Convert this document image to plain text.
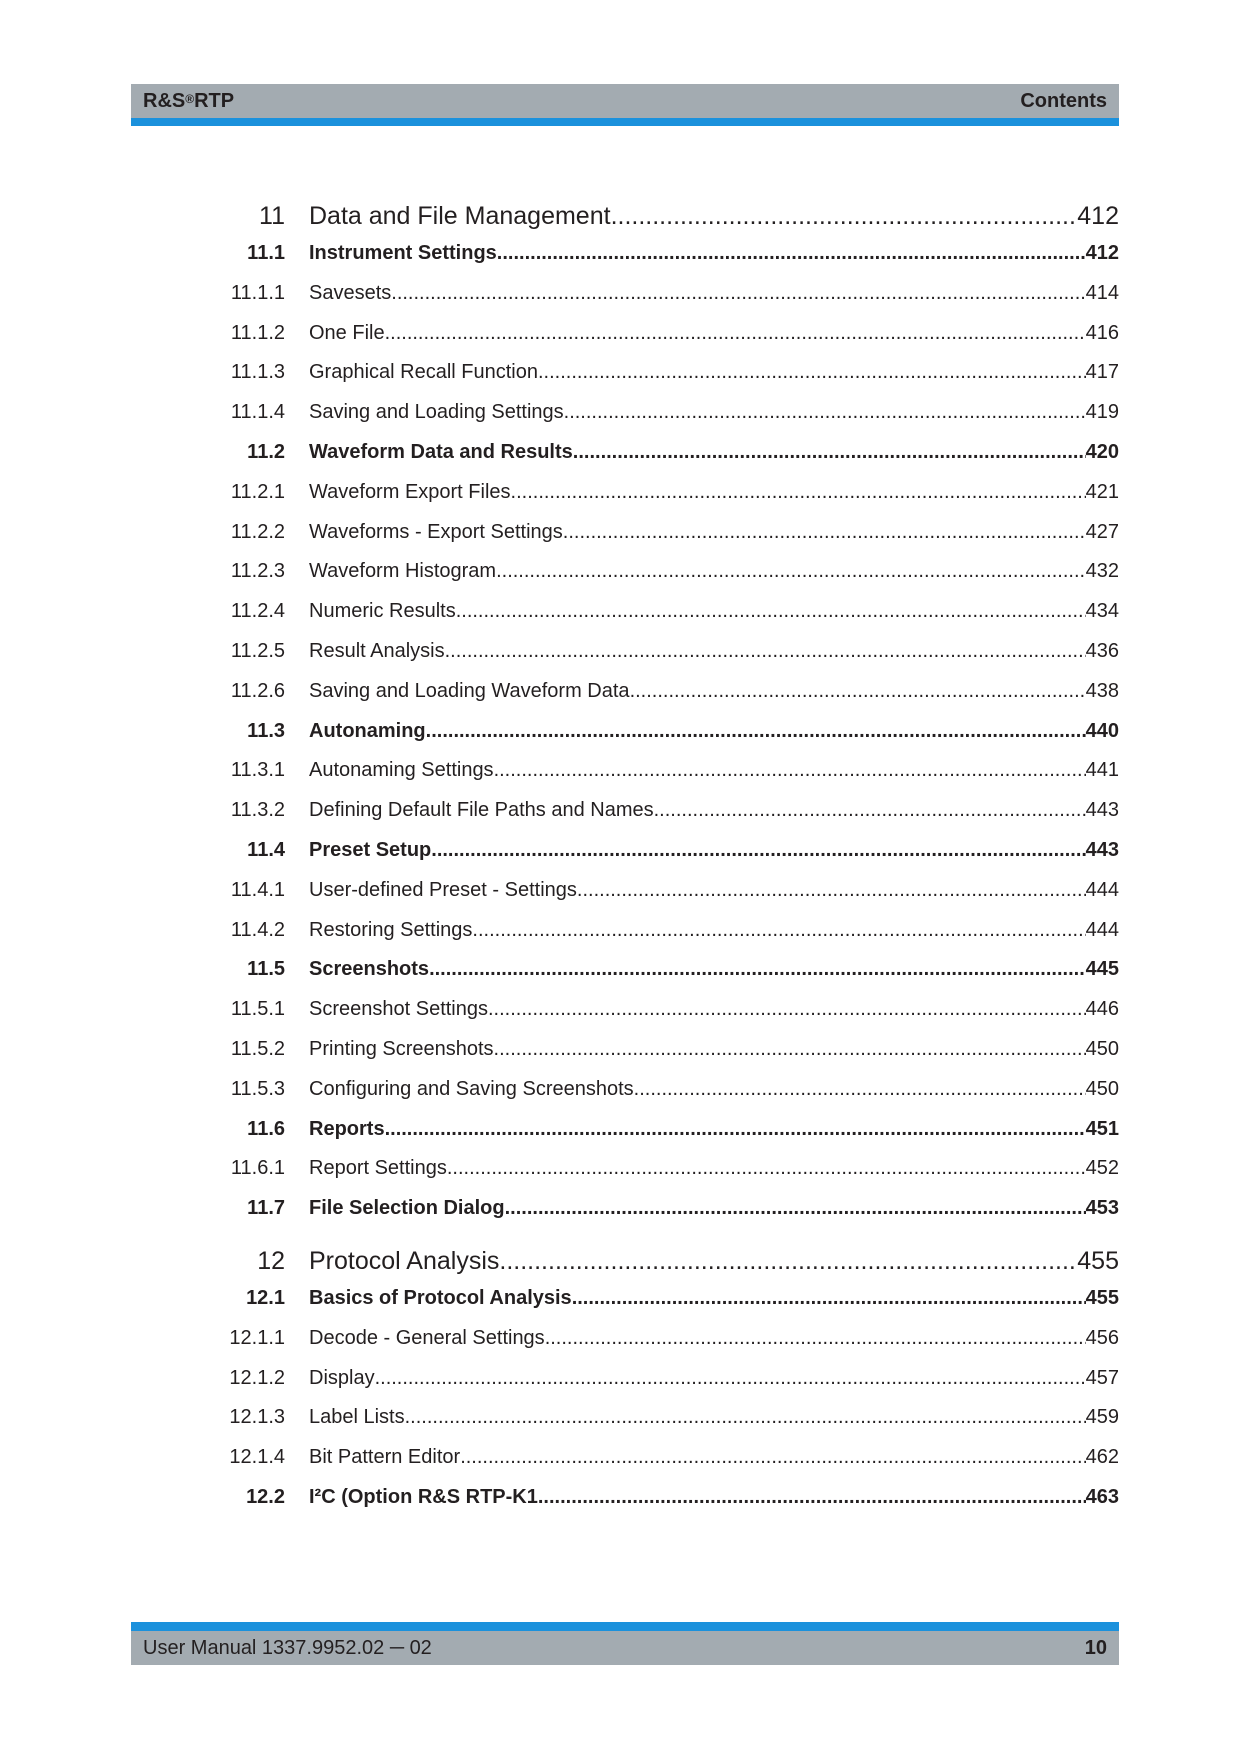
R&S®RTP	Contents
11 Data and File Management .....	412
11.1 Instrument Settings .....	412
11.1.1 Savesets .....	414
11.1.2 One File .....	416
11.1.3 Graphical Recall Function .....	417
11.1.4 Saving and Loading Settings .....	419
11.2 Waveform Data and Results .....	420
11.2.1 Waveform Export Files .....	421
11.2.2 Waveforms - Export Settings .....	427
11.2.3 Waveform Histogram .....	432
11.2.4 Numeric Results .....	434
11.2.5 Result Analysis .....	436
11.2.6 Saving and Loading Waveform Data .....	438
11.3 Autonaming .....	440
11.3.1 Autonaming Settings .....	441
11.3.2 Defining Default File Paths and Names .....	443
11.4 Preset Setup .....	443
11.4.1 User-defined Preset - Settings .....	444
11.4.2 Restoring Settings .....	444
11.5 Screenshots .....	445
11.5.1 Screenshot Settings .....	446
11.5.2 Printing Screenshots .....	450
11.5.3 Configuring and Saving Screenshots .....	450
11.6 Reports .....	451
11.6.1 Report Settings .....	452
11.7 File Selection Dialog .....	453
12 Protocol Analysis .....	455
12.1 Basics of Protocol Analysis .....	455
12.1.1 Decode - General Settings .....	456
12.1.2 Display .....	457
12.1.3 Label Lists .....	459
12.1.4 Bit Pattern Editor .....	462
12.2 I²C (Option R&S RTP-K1 .....	463
User Manual 1337.9952.02 ─ 02	10
